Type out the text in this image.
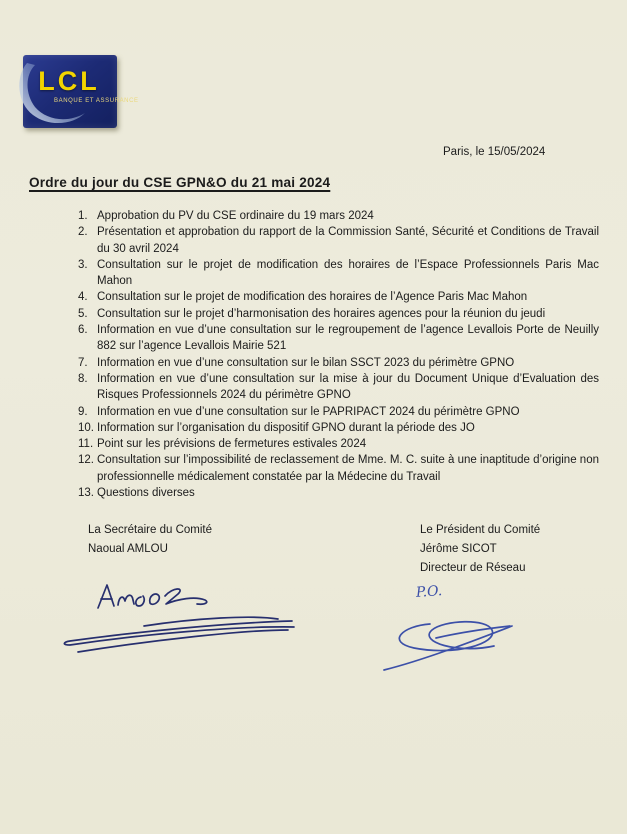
LCL
BANQUE ET ASSURANCE
Paris, le 15/05/2024
Ordre du jour du CSE GPN&O du 21 mai 2024
Approbation du PV du CSE ordinaire du 19 mars 2024
Présentation et approbation du rapport de la Commission Santé, Sécurité et Conditions de Travail du 30 avril 2024
Consultation sur le projet de modification des horaires de l’Espace Professionnels Paris Mac Mahon
Consultation sur le projet de modification des horaires de l’Agence Paris Mac Mahon
Consultation sur le projet d’harmonisation des horaires agences pour la réunion du jeudi
Information en vue d’une consultation sur le regroupement de l’agence Levallois Porte de Neuilly 882 sur l’agence Levallois Mairie 521
Information en vue d’une consultation sur le bilan SSCT 2023 du périmètre GPNO
Information en vue d’une consultation sur la mise à jour du Document Unique d’Evaluation des Risques Professionnels 2024 du périmètre GPNO
Information en vue d’une consultation sur le PAPRIPACT 2024 du périmètre GPNO
Information sur l’organisation du dispositif GPNO durant la période des JO
Point sur les prévisions de fermetures estivales 2024
Consultation sur l’impossibilité de reclassement de Mme. M. C. suite à une inaptitude d’origine non professionnelle médicalement constatée par la Médecine du Travail
Questions diverses
La Secrétaire du Comité
Naoual AMLOU
Le Président du Comité
Jérôme SICOT
Directeur de Réseau
P.O.
